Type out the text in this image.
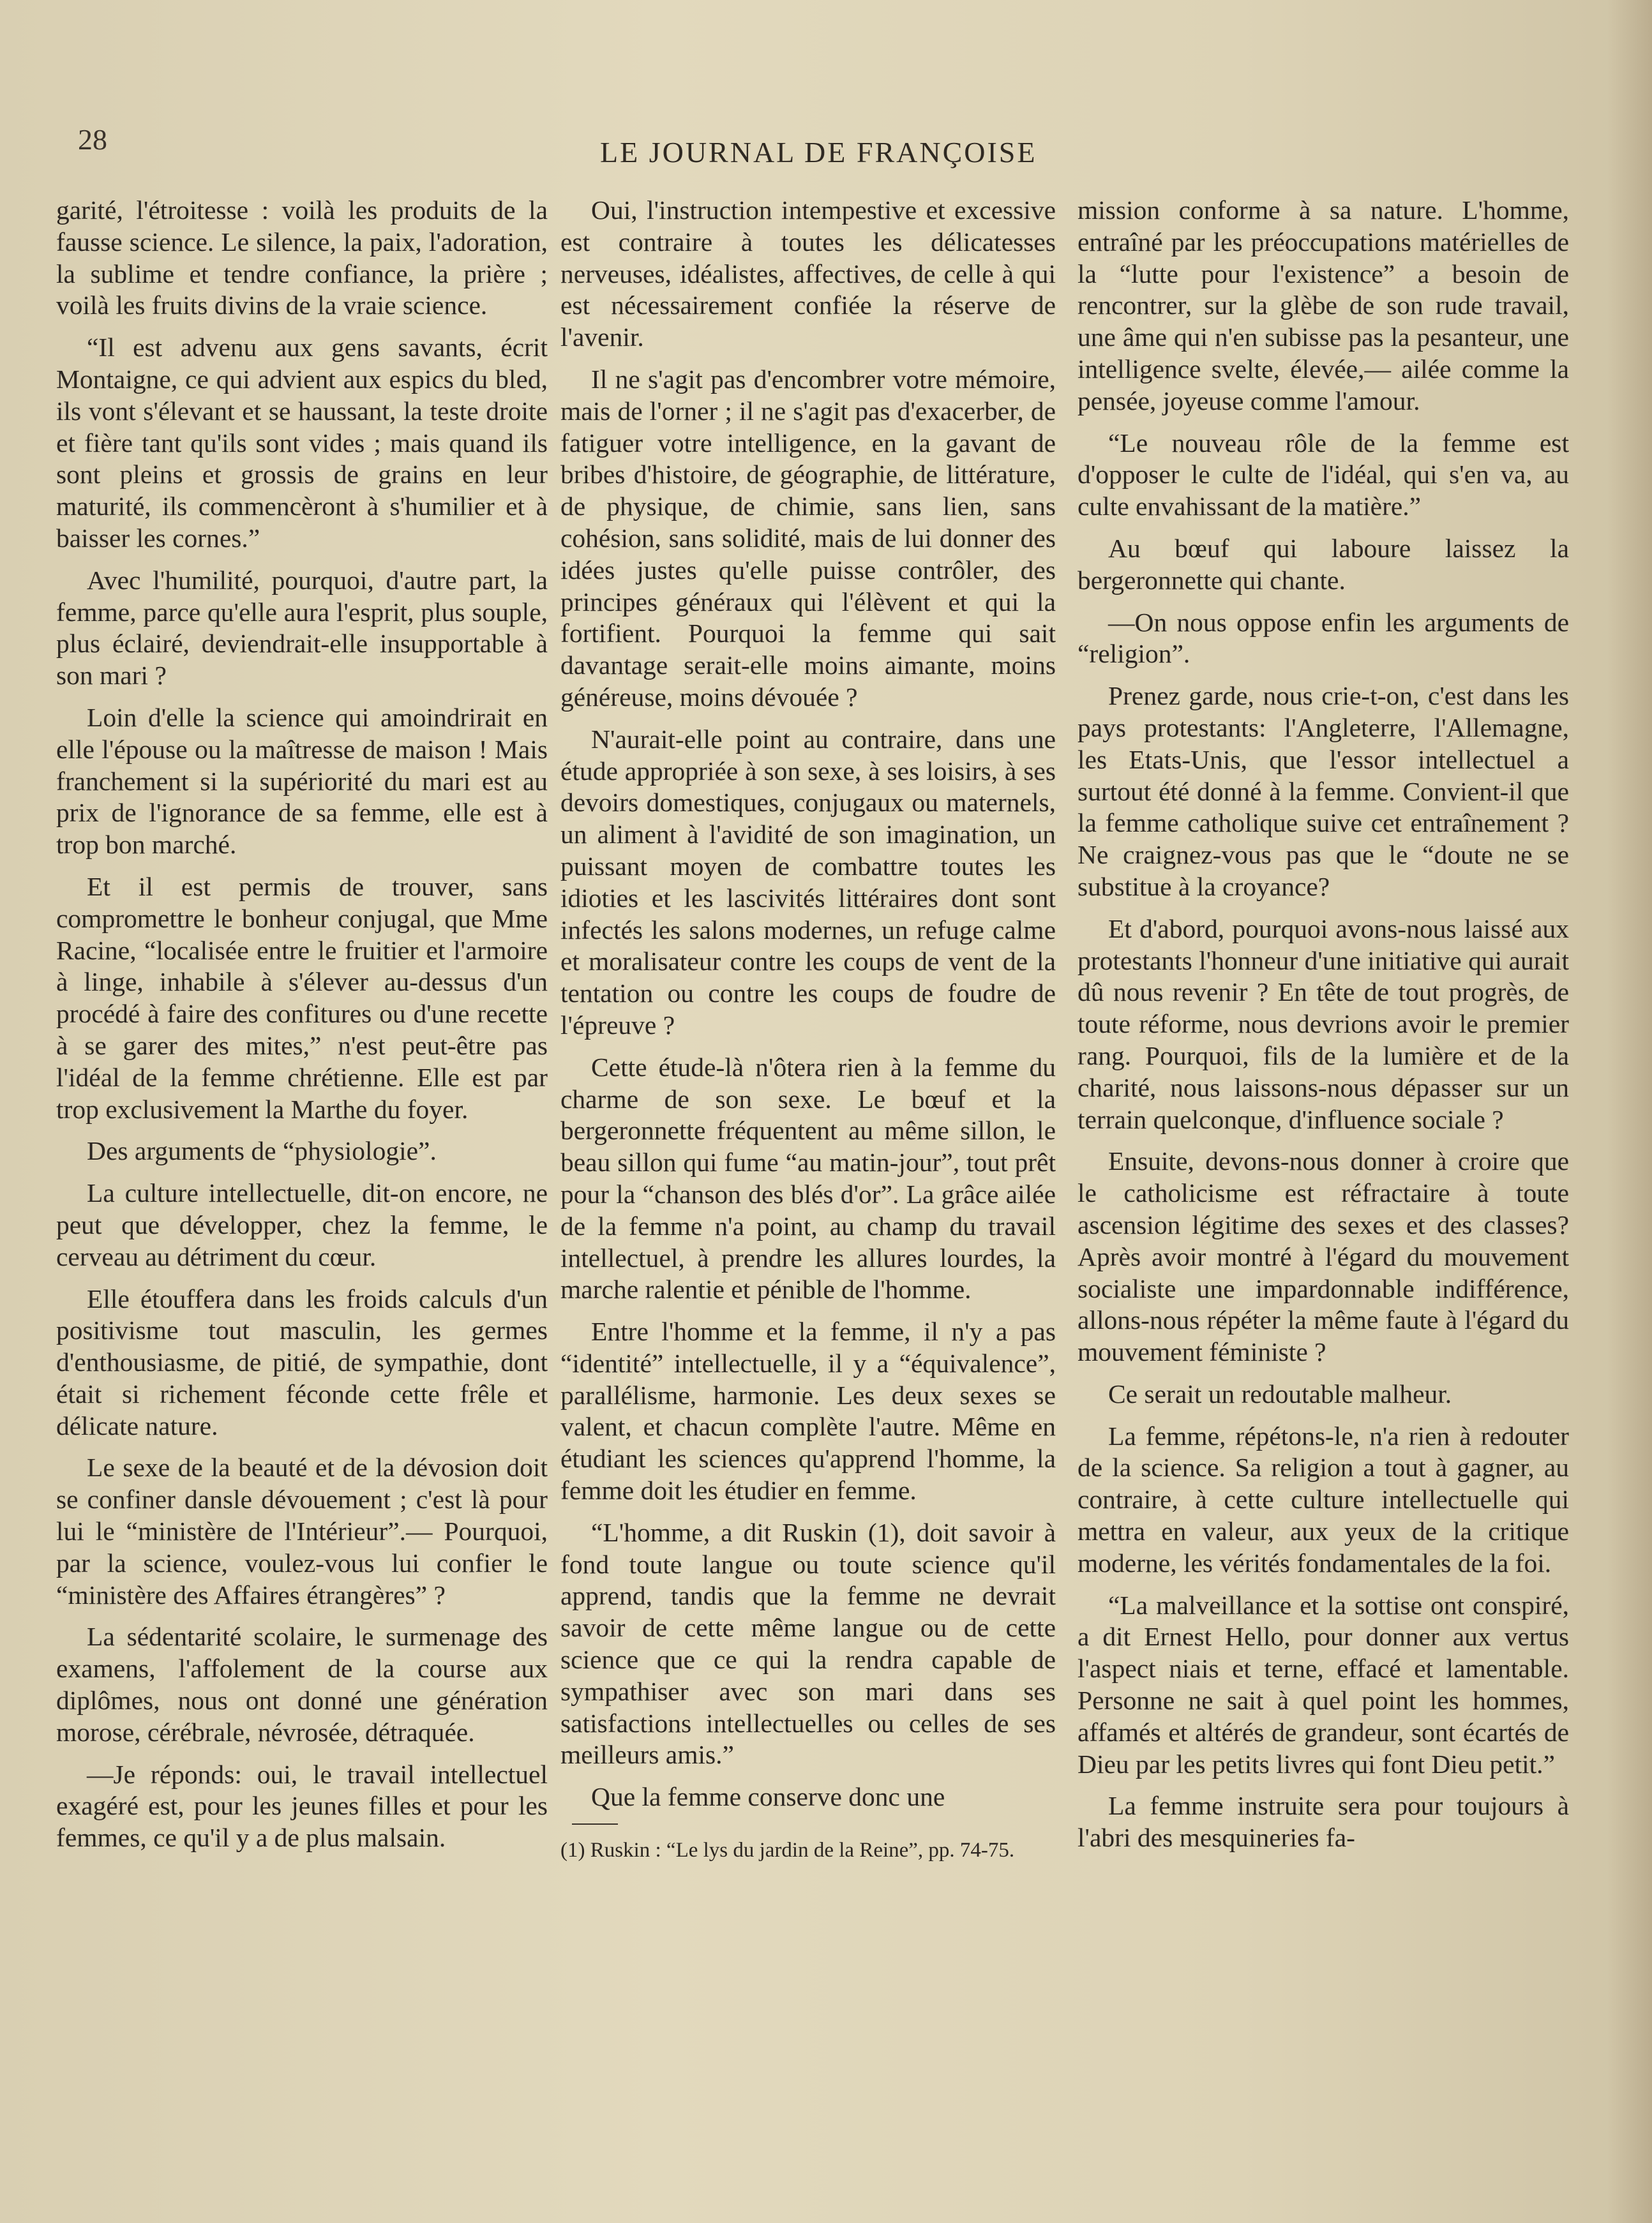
28	LE JOURNAL DE FRANÇOISE

garité, l'étroitesse : voilà les produits de la fausse science. Le silence, la paix, l'adoration, la sublime et tendre confiance, la prière ; voilà les fruits divins de la vraie science.

“Il est advenu aux gens savants, écrit Montaigne, ce qui advient aux espics du bled, ils vont s'élevant et se haussant, la teste droite et fière tant qu'ils sont vides ; mais quand ils sont pleins et grossis de grains en leur maturité, ils commencèront à s'humilier et à baisser les cornes.”

Avec l'humilité, pourquoi, d'autre part, la femme, parce qu'elle aura l'esprit, plus souple, plus éclairé, deviendrait-elle insupportable à son mari ?

Loin d'elle la science qui amoindrirait en elle l'épouse ou la maîtresse de maison ! Mais franchement si la supériorité du mari est au prix de l'ignorance de sa femme, elle est à trop bon marché.

Et il est permis de trouver, sans compromettre le bonheur conjugal, que Mme Racine, “localisée entre le fruitier et l'armoire à linge, inhabile à s'élever au-dessus d'un procédé à faire des confitures ou d'une recette à se garer des mites,” n'est peut-être pas l'idéal de la femme chrétienne. Elle est par trop exclusivement la Marthe du foyer.

Des arguments de “physiologie”.

La culture intellectuelle, dit-on encore, ne peut que développer, chez la femme, le cerveau au détriment du cœur.

Elle étouffera dans les froids calculs d'un positivisme tout masculin, les germes d'enthousiasme, de pitié, de sympathie, dont était si richement féconde cette frêle et délicate nature.

Le sexe de la beauté et de la dévosion doit se confiner dansle dévouement ; c'est là pour lui le “ministère de l'Intérieur”.— Pourquoi, par la science, voulez-vous lui confier le “ministère des Affaires étrangères” ?

La sédentarité scolaire, le surmenage des examens, l'affolement de la course aux diplômes, nous ont donné une génération morose, cérébrale, névrosée, détraquée.

—Je réponds: oui, le travail intellectuel exagéré est, pour les jeunes filles et pour les femmes, ce qu'il y a de plus malsain.

Oui, l'instruction intempestive et excessive est contraire à toutes les délicatesses nerveuses, idéalistes, affectives, de celle à qui est nécessairement confiée la réserve de l'avenir.

Il ne s'agit pas d'encombrer votre mémoire, mais de l'orner ; il ne s'agit pas d'exacerber, de fatiguer votre intelligence, en la gavant de bribes d'histoire, de géographie, de littérature, de physique, de chimie, sans lien, sans cohésion, sans solidité, mais de lui donner des idées justes qu'elle puisse contrôler, des principes généraux qui l'élèvent et qui la fortifient. Pourquoi la femme qui sait davantage serait-elle moins aimante, moins généreuse, moins dévouée ?

N'aurait-elle point au contraire, dans une étude appropriée à son sexe, à ses loisirs, à ses devoirs domestiques, conjugaux ou maternels, un aliment à l'avidité de son imagination, un puissant moyen de combattre toutes les idioties et les lascivités littéraires dont sont infectés les salons modernes, un refuge calme et moralisateur contre les coups de vent de la tentation ou contre les coups de foudre de l'épreuve ?

Cette étude-là n'ôtera rien à la femme du charme de son sexe. Le bœuf et la bergeronnette fréquentent au même sillon, le beau sillon qui fume “au matin-jour”, tout prêt pour la “chanson des blés d'or”. La grâce ailée de la femme n'a point, au champ du travail intellectuel, à prendre les allures lourdes, la marche ralentie et pénible de l'homme.

Entre l'homme et la femme, il n'y a pas “identité” intellectuelle, il y a “équivalence”, parallélisme, harmonie. Les deux sexes se valent, et chacun complète l'autre. Même en étudiant les sciences qu'apprend l'homme, la femme doit les étudier en femme.

“L'homme, a dit Ruskin (1), doit savoir à fond toute langue ou toute science qu'il apprend, tandis que la femme ne devrait savoir de cette même langue ou de cette science que ce qui la rendra capable de sympathiser avec son mari dans ses satisfactions intellectuelles ou celles de ses meilleurs amis.”

Que la femme conserve donc une

(1) Ruskin : “Le lys du jardin de la Reine”, pp. 74-75.

mission conforme à sa nature. L'homme, entraîné par les préoccupations matérielles de la “lutte pour l'existence” a besoin de rencontrer, sur la glèbe de son rude travail, une âme qui n'en subisse pas la pesanteur, une intelligence svelte, élevée,— ailée comme la pensée, joyeuse comme l'amour.

“Le nouveau rôle de la femme est d'opposer le culte de l'idéal, qui s'en va, au culte envahissant de la matière.”

Au bœuf qui laboure laissez la bergeronnette qui chante.

—On nous oppose enfin les arguments de “religion”.

Prenez garde, nous crie-t-on, c'est dans les pays protestants: l'Angleterre, l'Allemagne, les Etats-Unis, que l'essor intellectuel a surtout été donné à la femme. Convient-il que la femme catholique suive cet entraînement ? Ne craignez-vous pas que le “doute ne se substitue à la croyance?

Et d'abord, pourquoi avons-nous laissé aux protestants l'honneur d'une initiative qui aurait dû nous revenir ? En tête de tout progrès, de toute réforme, nous devrions avoir le premier rang. Pourquoi, fils de la lumière et de la charité, nous laissons-nous dépasser sur un terrain quelconque, d'influence sociale ?

Ensuite, devons-nous donner à croire que le catholicisme est réfractaire à toute ascension légitime des sexes et des classes? Après avoir montré à l'égard du mouvement socialiste une impardonnable indifférence, allons-nous répéter la même faute à l'égard du mouvement féministe ?

Ce serait un redoutable malheur.

La femme, répétons-le, n'a rien à redouter de la science. Sa religion a tout à gagner, au contraire, à cette culture intellectuelle qui mettra en valeur, aux yeux de la critique moderne, les vérités fondamentales de la foi.

“La malveillance et la sottise ont conspiré, a dit Ernest Hello, pour donner aux vertus l'aspect niais et terne, effacé et lamentable. Personne ne sait à quel point les hommes, affamés et altérés de grandeur, sont écartés de Dieu par les petits livres qui font Dieu petit.”

La femme instruite sera pour toujours à l'abri des mesquineries fa-
